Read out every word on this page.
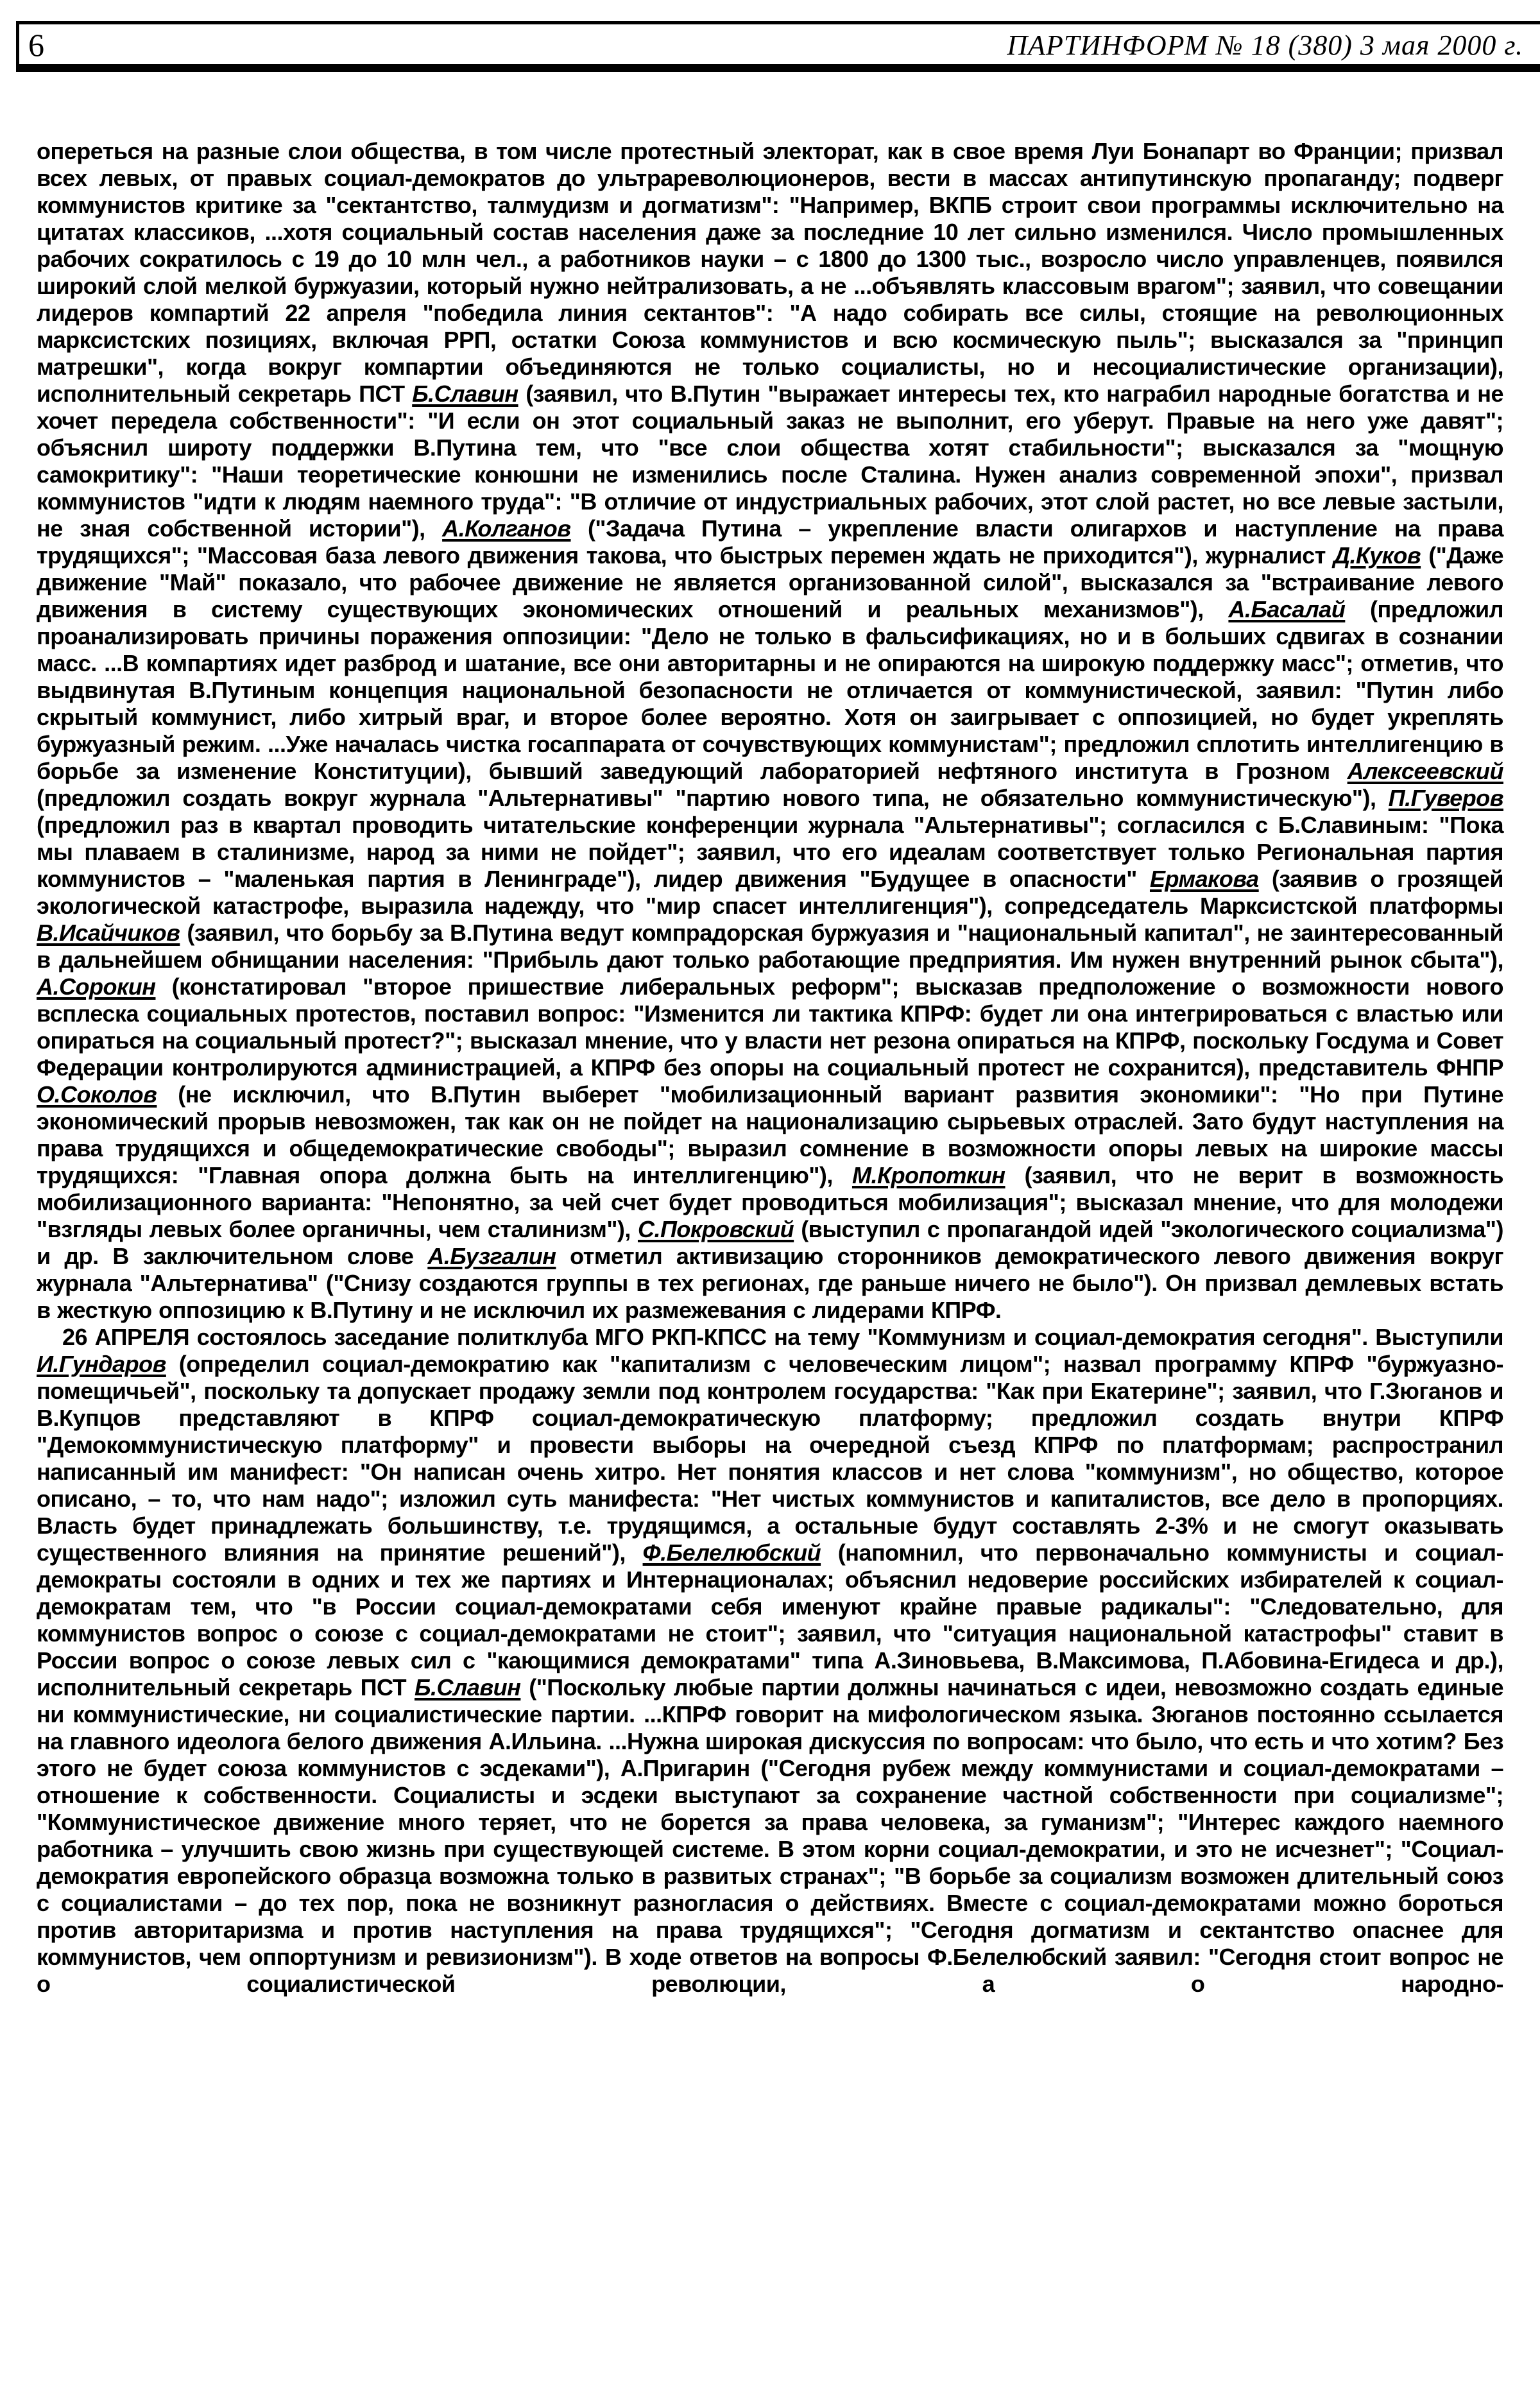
6	ПАРТИНФОРМ № 18 (380) 3 мая 2000 г.

опереться на разные слои общества, в том числе протестный электорат, как в свое время Луи Бонапарт во Франции; призвал всех левых, от правых социал-демократов до ультрареволюционеров, вести в массах антипутинскую пропаганду; подверг коммунистов критике за "сектантство, талмудизм и догматизм": "Например, ВКПБ строит свои программы исключительно на цитатах классиков, ...хотя социальный состав населения даже за последние 10 лет сильно изменился. Число промышленных рабочих сократилось с 19 до 10 млн чел., а работников науки – с 1800 до 1300 тыс., возросло число управленцев, появился широкий слой мелкой буржуазии, который нужно нейтрализовать, а не ...объявлять классовым врагом"; заявил, что совещании лидеров компартий 22 апреля "победила линия сектантов": "А надо собирать все силы, стоящие на революционных марксистских позициях, включая РРП, остатки Союза коммунистов и всю космическую пыль"; высказался за "принцип матрешки", когда вокруг компартии объединяются не только социалисты, но и несоциалистические организации), исполнительный секретарь ПСТ Б.Славин (заявил, что В.Путин "выражает интересы тех, кто награбил народные богатства и не хочет передела собственности": "И если он этот социальный заказ не выполнит, его уберут. Правые на него уже давят"; объяснил широту поддержки В.Путина тем, что "все слои общества хотят стабильности"; высказался за "мощную самокритику": "Наши теоретические конюшни не изменились после Сталина. Нужен анализ современной эпохи", призвал коммунистов "идти к людям наемного труда": "В отличие от индустриальных рабочих, этот слой растет, но все левые застыли, не зная собственной истории"), А.Колганов ("Задача Путина – укрепление власти олигархов и наступление на права трудящихся"; "Массовая база левого движения такова, что быстрых перемен ждать не приходится"), журналист Д.Куков ("Даже движение "Май" показало, что рабочее движение не является организованной силой", высказался за "встраивание левого движения в систему существующих экономических отношений и реальных механизмов"), А.Басалай (предложил проанализировать причины поражения оппозиции: "Дело не только в фальсификациях, но и в больших сдвигах в сознании масс. ...В компартиях идет разброд и шатание, все они авторитарны и не опираются на широкую поддержку масс"; отметив, что выдвинутая В.Путиным концепция национальной безопасности не отличается от коммунистической, заявил: "Путин либо скрытый коммунист, либо хитрый враг, и второе более вероятно. Хотя он заигрывает с оппозицией, но будет укреплять буржуазный режим. ...Уже началась чистка госаппарата от сочувствующих коммунистам"; предложил сплотить интеллигенцию в борьбе за изменение Конституции), бывший заведующий лабораторией нефтяного института в Грозном Алексеевский (предложил создать вокруг журнала "Альтернативы" "партию нового типа, не обязательно коммунистическую"), П.Гуверов (предложил раз в квартал проводить читательские конференции журнала "Альтернативы"; согласился с Б.Славиным: "Пока мы плаваем в сталинизме, народ за ними не пойдет"; заявил, что его идеалам соответствует только Региональная партия коммунистов – "маленькая партия в Ленинграде"), лидер движения "Будущее в опасности" Ермакова (заявив о грозящей экологической катастрофе, выразила надежду, что "мир спасет интеллигенция"), сопредседатель Марксистской платформы В.Исайчиков (заявил, что борьбу за В.Путина ведут компрадорская буржуазия и "национальный капитал", не заинтересованный в дальнейшем обнищании населения: "Прибыль дают только работающие предприятия. Им нужен внутренний рынок сбыта"), А.Сорокин (констатировал "второе пришествие либеральных реформ"; высказав предположение о возможности нового всплеска социальных протестов, поставил вопрос: "Изменится ли тактика КПРФ: будет ли она интегрироваться с властью или опираться на социальный протест?"; высказал мнение, что у власти нет резона опираться на КПРФ, поскольку Госдума и Совет Федерации контролируются администрацией, а КПРФ без опоры на социальный протест не сохранится), представитель ФНПР О.Соколов (не исключил, что В.Путин выберет "мобилизационный вариант развития экономики": "Но при Путине экономический прорыв невозможен, так как он не пойдет на национализацию сырьевых отраслей. Зато будут наступления на права трудящихся и общедемократические свободы"; выразил сомнение в возможности опоры левых на широкие массы трудящихся: "Главная опора должна быть на интеллигенцию"), М.Кропоткин (заявил, что не верит в возможность мобилизационного варианта: "Непонятно, за чей счет будет проводиться мобилизация"; высказал мнение, что для молодежи "взгляды левых более органичны, чем сталинизм"), С.Покровский (выступил с пропагандой идей "экологического социализма") и др. В заключительном слове А.Бузгалин отметил активизацию сторонников демократического левого движения вокруг журнала "Альтернатива" ("Снизу создаются группы в тех регионах, где раньше ничего не было"). Он призвал демлевых встать в жесткую оппозицию к В.Путину и не исключил их размежевания с лидерами КПРФ.

26 АПРЕЛЯ состоялось заседание политклуба МГО РКП-КПСС на тему "Коммунизм и социал-демократия сегодня". Выступили И.Гундаров (определил социал-демократию как "капитализм с человеческим лицом"; назвал программу КПРФ "буржуазно-помещичьей", поскольку та допускает продажу земли под контролем государства: "Как при Екатерине"; заявил, что Г.Зюганов и В.Купцов представляют в КПРФ социал-демократическую платформу; предложил создать внутри КПРФ "Демокоммунистическую платформу" и провести выборы на очередной съезд КПРФ по платформам; распространил написанный им манифест: "Он написан очень хитро. Нет понятия классов и нет слова "коммунизм", но общество, которое описано, – то, что нам надо"; изложил суть манифеста: "Нет чистых коммунистов и капиталистов, все дело в пропорциях. Власть будет принадлежать большинству, т.е. трудящимся, а остальные будут составлять 2-3% и не смогут оказывать существенного влияния на принятие решений"), Ф.Белелюбский (напомнил, что первоначально коммунисты и социал-демократы состояли в одних и тех же партиях и Интернационалах; объяснил недоверие российских избирателей к социал-демократам тем, что "в России социал-демократами себя именуют крайне правые радикалы": "Следовательно, для коммунистов вопрос о союзе с социал-демократами не стоит"; заявил, что "ситуация национальной катастрофы" ставит в России вопрос о союзе левых сил с "кающимися демократами" типа А.Зиновьева, В.Максимова, П.Абовина-Егидеса и др.), исполнительный секретарь ПСТ Б.Славин ("Поскольку любые партии должны начинаться с идеи, невозможно создать единые ни коммунистические, ни социалистические партии. ...КПРФ говорит на мифологическом языка. Зюганов постоянно ссылается на главного идеолога белого движения А.Ильина. ...Нужна широкая дискуссия по вопросам: что было, что есть и что хотим? Без этого не будет союза коммунистов с эсдеками"), А.Пригарин ("Сегодня рубеж между коммунистами и социал-демократами – отношение к собственности. Социалисты и эсдеки выступают за сохранение частной собственности при социализме"; "Коммунистическое движение много теряет, что не борется за права человека, за гуманизм"; "Интерес каждого наемного работника – улучшить свою жизнь при существующей системе. В этом корни социал-демократии, и это не исчезнет"; "Социал-демократия европейского образца возможна только в развитых странах"; "В борьбе за социализм возможен длительный союз с социалистами – до тех пор, пока не возникнут разногласия о действиях. Вместе с социал-демократами можно бороться против авторитаризма и против наступления на права трудящихся"; "Сегодня догматизм и сектантство опаснее для коммунистов, чем оппортунизм и ревизионизм"). В ходе ответов на вопросы Ф.Белелюбский заявил: "Сегодня стоит вопрос не о социалистической революции, а о народно-
